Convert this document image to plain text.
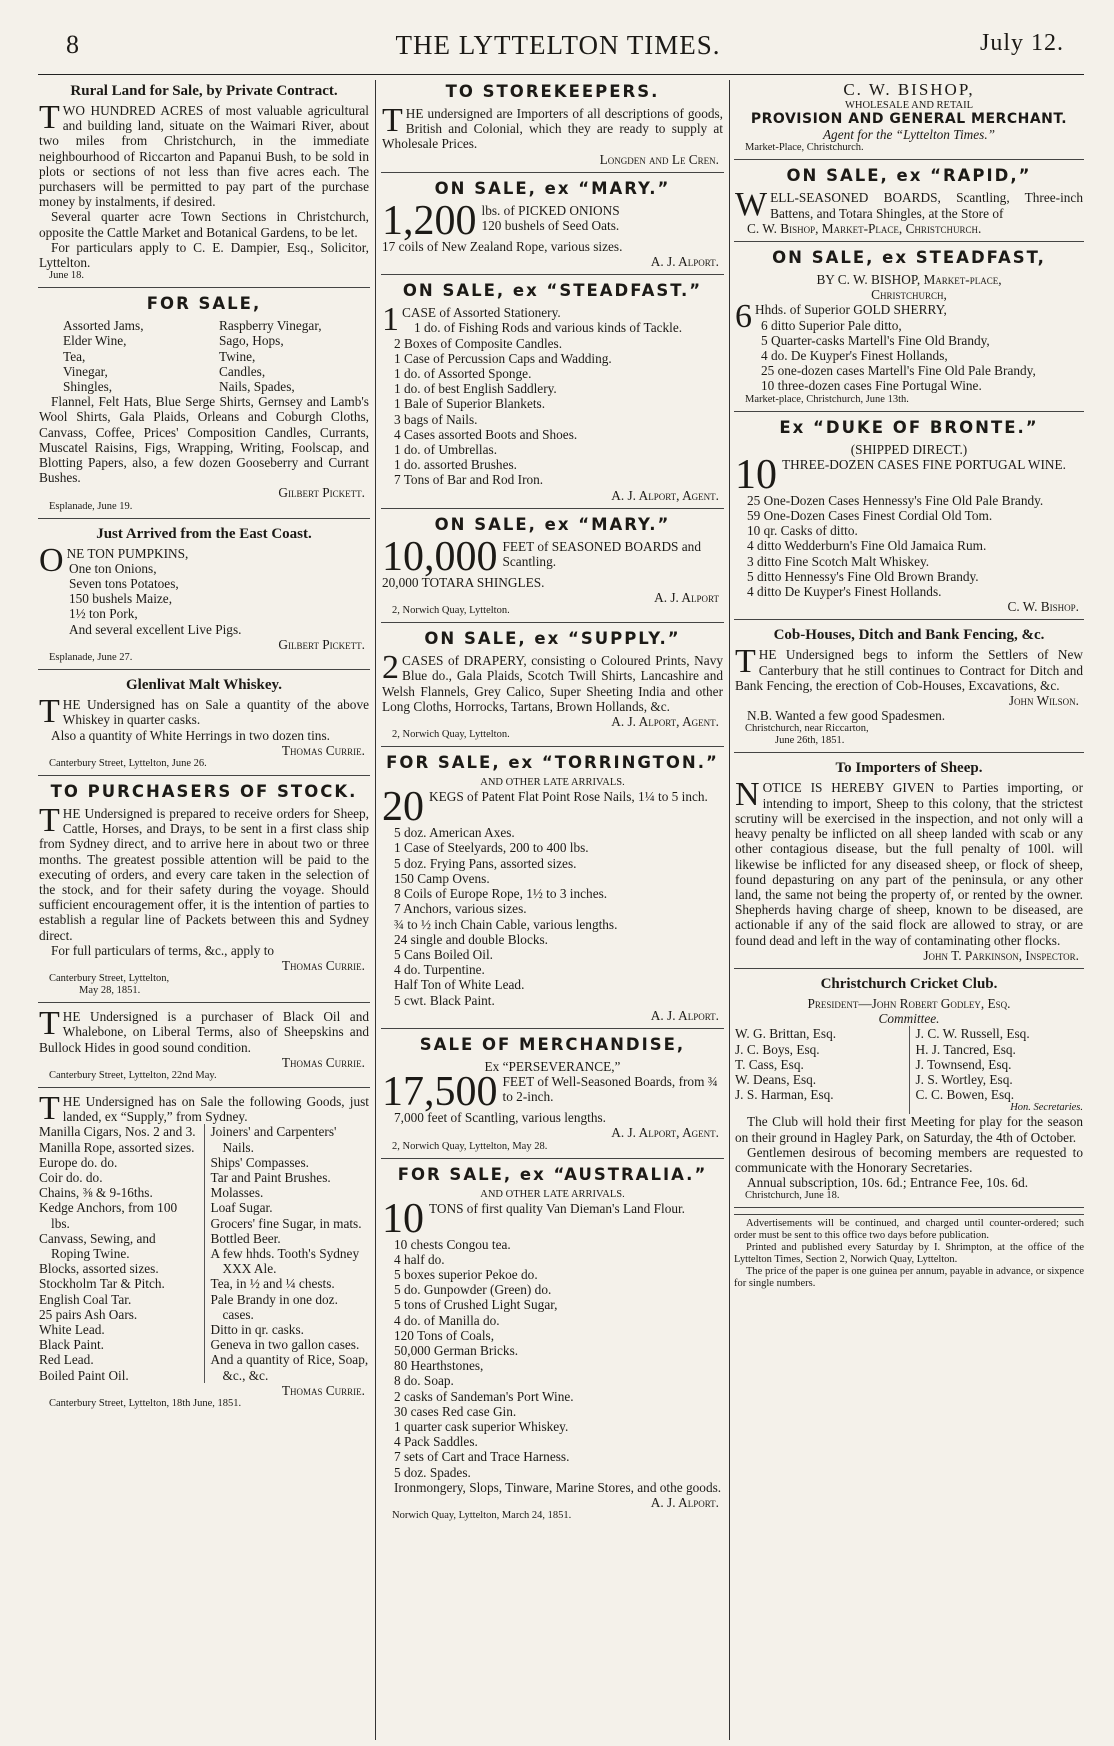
8	THE LYTTELTON TIMES.	July 12.
Rural Land for Sale, by Private Contract.
TWO HUNDRED ACRES of most valuable agricultural and building land, situate on the Waimari River, about two miles from Christchurch, in the immediate neighbourhood of Riccarton and Papanui Bush, to be sold in plots or sections of not less than five acres each. The purchasers will be permitted to pay part of the purchase money by instalments, if desired.
Several quarter acre Town Sections in Christchurch, opposite the Cattle Market and Botanical Gardens, to be let.
For particulars apply to C. E. Dampier, Esq., Solicitor, Lyttelton.
June 18.
FOR SALE,
Assorted Jams,
Elder Wine,
Tea,
Vinegar,
Shingles,
Raspberry Vinegar,
Sago, Hops,
Twine,
Candles,
Nails, Spades,
Flannel, Felt Hats, Blue Serge Shirts, Gernsey and Lamb's Wool Shirts, Gala Plaids, Orleans and Coburgh Cloths, Canvass, Coffee, Prices' Composition Candles, Currants, Muscatel Raisins, Figs, Wrapping, Writing, Foolscap, and Blotting Papers, also, a few dozen Gooseberry and Currant Bushes.
Gilbert Pickett.
Esplanade, June 19.
Just Arrived from the East Coast.
ONE TON PUMPKINS,
One ton Onions,
Seven tons Potatoes,
150 bushels Maize,
1½ ton Pork,
And several excellent Live Pigs.
Gilbert Pickett.
Esplanade, June 27.
Glenlivat Malt Whiskey.
THE Undersigned has on Sale a quantity of the above Whiskey in quarter casks.
Also a quantity of White Herrings in two dozen tins.
Thomas Currie.
Canterbury Street, Lyttelton, June 26.
TO PURCHASERS OF STOCK.
THE Undersigned is prepared to receive orders for Sheep, Cattle, Horses, and Drays, to be sent in a first class ship from Sydney direct, and to arrive here in about two or three months. The greatest possible attention will be paid to the executing of orders, and every care taken in the selection of the stock, and for their safety during the voyage. Should sufficient encouragement offer, it is the intention of parties to establish a regular line of Packets between this and Sydney direct.
For full particulars of terms, &c., apply to
Thomas Currie.
Canterbury Street, Lyttelton,
May 28, 1851.
THE Undersigned is a purchaser of Black Oil and Whalebone, on Liberal Terms, also of Sheepskins and Bullock Hides in good sound condition.
Thomas Currie.
Canterbury Street, Lyttelton, 22nd May.
THE Undersigned has on Sale the following Goods, just landed, ex “Supply,” from Sydney.
Manilla Cigars, Nos. 2 and 3.
Manilla Rope, assorted sizes.
Europe do. do.
Coir do. do.
Chains, ⅜ & 9-16ths.
Kedge Anchors, from 100 lbs.
Canvass, Sewing, and Roping Twine.
Blocks, assorted sizes.
Stockholm Tar & Pitch.
English Coal Tar.
25 pairs Ash Oars.
White Lead.
Black Paint.
Red Lead.
Boiled Paint Oil.
Joiners' and Carpenters' Nails.
Ships' Compasses.
Tar and Paint Brushes.
Molasses.
Loaf Sugar.
Grocers' fine Sugar, in mats.
Bottled Beer.
A few hhds. Tooth's Sydney XXX Ale.
Tea, in ½ and ¼ chests.
Pale Brandy in one doz. cases.
Ditto in qr. casks.
Geneva in two gallon cases.
And a quantity of Rice, Soap, &c., &c.
Thomas Currie.
Canterbury Street, Lyttelton, 18th June, 1851.
TO STOREKEEPERS.
THE undersigned are Importers of all descriptions of goods, British and Colonial, which they are ready to supply at Wholesale Prices.
Longden and Le Cren.
ON SALE, ex “MARY.”
1,200 lbs. of PICKED ONIONS
120 bushels of Seed Oats.
17 coils of New Zealand Rope, various sizes.
A. J. Alport.
ON SALE, ex “STEADFAST.”
1 CASE of Assorted Stationery.
1 do. of Fishing Rods and various kinds of Tackle.
2 Boxes of Composite Candles.
1 Case of Percussion Caps and Wadding.
1 do. of Assorted Sponge.
1 do. of best English Saddlery.
1 Bale of Superior Blankets.
3 bags of Nails.
4 Cases assorted Boots and Shoes.
1 do. of Umbrellas.
1 do. assorted Brushes.
7 Tons of Bar and Rod Iron.
A. J. Alport, Agent.
ON SALE, ex “MARY.”
10,000 FEET of SEASONED BOARDS and Scantling.
20,000 TOTARA SHINGLES.
A. J. Alport
2, Norwich Quay, Lyttelton.
ON SALE, ex “SUPPLY.”
2 CASES of DRAPERY, consisting o Coloured Prints, Navy Blue do., Gala Plaids, Scotch Twill Shirts, Lancashire and Welsh Flannels, Grey Calico, Super Sheeting India and other Long Cloths, Horrocks, Tartans, Brown Hollands, &c.
A. J. Alport, Agent.
2, Norwich Quay, Lyttelton.
FOR SALE, ex “TORRINGTON.”
AND OTHER LATE ARRIVALS.
20 KEGS of Patent Flat Point Rose Nails, 1¼ to 5 inch.
5 doz. American Axes.
1 Case of Steelyards, 200 to 400 lbs.
5 doz. Frying Pans, assorted sizes.
150 Camp Ovens.
8 Coils of Europe Rope, 1½ to 3 inches.
7 Anchors, various sizes.
¾ to ½ inch Chain Cable, various lengths.
24 single and double Blocks.
5 Cans Boiled Oil.
4 do. Turpentine.
Half Ton of White Lead.
5 cwt. Black Paint.
A. J. Alport.
SALE OF MERCHANDISE,
Ex “PERSEVERANCE,”
17,500 FEET of Well-Seasoned Boards, from ¾ to 2-inch.
7,000 feet of Scantling, various lengths.
A. J. Alport, Agent.
2, Norwich Quay, Lyttelton, May 28.
FOR SALE, ex “AUSTRALIA.”
AND OTHER LATE ARRIVALS.
10 TONS of first quality Van Dieman's Land Flour.
10 chests Congou tea.
4 half do.
5 boxes superior Pekoe do.
5 do. Gunpowder (Green) do.
5 tons of Crushed Light Sugar,
4 do. of Manilla do.
120 Tons of Coals,
50,000 German Bricks.
80 Hearthstones,
8 do. Soap.
2 casks of Sandeman's Port Wine.
30 cases Red case Gin.
1 quarter cask superior Whiskey.
4 Pack Saddles.
7 sets of Cart and Trace Harness.
5 doz. Spades.
Ironmongery, Slops, Tinware, Marine Stores, and othe goods.
A. J. Alport.
Norwich Quay, Lyttelton, March 24, 1851.
C. W. BISHOP,
WHOLESALE AND RETAIL
PROVISION AND GENERAL MERCHANT.
Agent for the “Lyttelton Times.”
Market-Place, Christchurch.
ON SALE, ex “RAPID,”
WELL-SEASONED BOARDS, Scantling, Three-inch Battens, and Totara Shingles, at the Store of
C. W. Bishop, Market-Place, Christchurch.
ON SALE, ex STEADFAST,
BY C. W. BISHOP, Market-place,
Christchurch,
6 Hhds. of Superior GOLD SHERRY,
6 ditto Superior Pale ditto,
5 Quarter-casks Martell's Fine Old Brandy,
4 do. De Kuyper's Finest Hollands,
25 one-dozen cases Martell's Fine Old Pale Brandy,
10 three-dozen cases Fine Portugal Wine.
Market-place, Christchurch, June 13th.
Ex “DUKE OF BRONTE.”
(SHIPPED DIRECT.)
10 THREE-DOZEN CASES FINE PORTUGAL WINE.
25 One-Dozen Cases Hennessy's Fine Old Pale Brandy.
59 One-Dozen Cases Finest Cordial Old Tom.
10 qr. Casks of ditto.
4 ditto Wedderburn's Fine Old Jamaica Rum.
3 ditto Fine Scotch Malt Whiskey.
5 ditto Hennessy's Fine Old Brown Brandy.
4 ditto De Kuyper's Finest Hollands.
C. W. Bishop.
Cob-Houses, Ditch and Bank Fencing, &c.
THE Undersigned begs to inform the Settlers of New Canterbury that he still continues to Contract for Ditch and Bank Fencing, the erection of Cob-Houses, Excavations, &c.
John Wilson.
N.B. Wanted a few good Spadesmen.
Christchurch, near Riccarton,
June 26th, 1851.
To Importers of Sheep.
NOTICE IS HEREBY GIVEN to Parties importing, or intending to import, Sheep to this colony, that the strictest scrutiny will be exercised in the inspection, and not only will a heavy penalty be inflicted on all sheep landed with scab or any other contagious disease, but the full penalty of 100l. will likewise be inflicted for any diseased sheep, or flock of sheep, found depasturing on any part of the peninsula, or any other land, the same not being the property of, or rented by the owner. Shepherds having charge of sheep, known to be diseased, are actionable if any of the said flock are allowed to stray, or are found dead and left in the way of contaminating other flocks.
John T. Parkinson, Inspector.
Christchurch Cricket Club.
President—John Robert Godley, Esq.
Committee.
W. G. Brittan, Esq.
J. C. Boys, Esq.
T. Cass, Esq.
W. Deans, Esq.
J. S. Harman, Esq.
J. C. W. Russell, Esq.
H. J. Tancred, Esq.
J. Townsend, Esq.
J. S. Wortley, Esq.
C. C. Bowen, Esq.
Hon. Secretaries.
The Club will hold their first Meeting for play for the season on their ground in Hagley Park, on Saturday, the 4th of October.
Gentlemen desirous of becoming members are requested to communicate with the Honorary Secretaries.
Annual subscription, 10s. 6d.; Entrance Fee, 10s. 6d.
Christchurch, June 18.
Advertisements will be continued, and charged until counter-ordered; such order must be sent to this office two days before publication.
Printed and published every Saturday by I. Shrimpton, at the office of the Lyttelton Times, Section 2, Norwich Quay, Lyttelton.
The price of the paper is one guinea per annum, payable in advance, or sixpence for single numbers.
